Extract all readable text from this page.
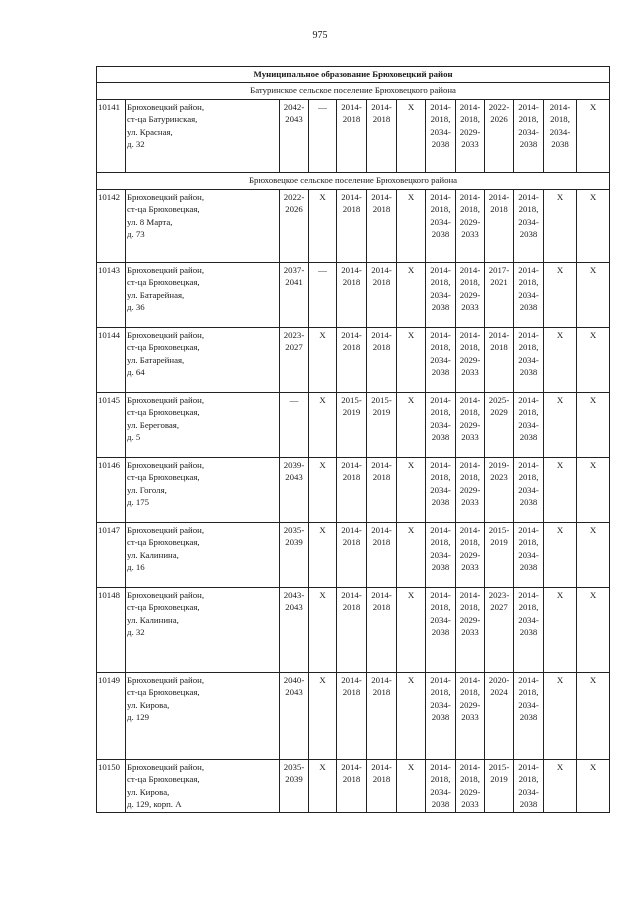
975
Муниципальное образование Брюховецкий район												
Батуринское сельское поселение Брюховецкого района												
10141	Брюховецкий район,
ст-ца Батуринская,
ул. Красная,
д. 32	2042-
2043	—	2014-
2018	2014-
2018	X	2014-
2018,
2034-
2038	2014-
2018,
2029-
2033	2022-
2026	2014-
2018,
2034-
2038	2014-
2018,
2034-
2038	X

Брюховецкое сельское поселение Брюховецкого района												
10142	Брюховецкий район,
ст-ца Брюховецкая,
ул. 8 Марта,
д. 73	2022-
2026	X	2014-
2018	2014-
2018	X	2014-
2018,
2034-
2038	2014-
2018,
2029-
2033	2014-
2018	2014-
2018,
2034-
2038	X	X

10143	Брюховецкий район,
ст-ца Брюховецкая,
ул. Батарейная,
д. 36	2037-
2041	—	2014-
2018	2014-
2018	X	2014-
2018,
2034-
2038	2014-
2018,
2029-
2033	2017-
2021	2014-
2018,
2034-
2038	X	X

10144	Брюховецкий район,
ст-ца Брюховецкая,
ул. Батарейная,
д. 64	2023-
2027	X	2014-
2018	2014-
2018	X	2014-
2018,
2034-
2038	2014-
2018,
2029-
2033	2014-
2018	2014-
2018,
2034-
2038	X	X

10145	Брюховецкий район,
ст-ца Брюховецкая,
ул. Береговая,
д. 5	—	X	2015-
2019	2015-
2019	X	2014-
2018,
2034-
2038	2014-
2018,
2029-
2033	2025-
2029	2014-
2018,
2034-
2038	X	X

10146	Брюховецкий район,
ст-ца Брюховецкая,
ул. Гоголя,
д. 175	2039-
2043	X	2014-
2018	2014-
2018	X	2014-
2018,
2034-
2038	2014-
2018,
2029-
2033	2019-
2023	2014-
2018,
2034-
2038	X	X

10147	Брюховецкий район,
ст-ца Брюховецкая,
ул. Калинина,
д. 16	2035-
2039	X	2014-
2018	2014-
2018	X	2014-
2018,
2034-
2038	2014-
2018,
2029-
2033	2015-
2019	2014-
2018,
2034-
2038	X	X

10148	Брюховецкий район,
ст-ца Брюховецкая,
ул. Калинина,
д. 32	2043-
2043	X	2014-
2018	2014-
2018	X	2014-
2018,
2034-
2038	2014-
2018,
2029-
2033	2023-
2027	2014-
2018,
2034-
2038	X	X

10149	Брюховецкий район,
ст-ца Брюховецкая,
ул. Кирова,
д. 129	2040-
2043	X	2014-
2018	2014-
2018	X	2014-
2018,
2034-
2038	2014-
2018,
2029-
2033	2020-
2024	2014-
2018,
2034-
2038	X	X

10150	Брюховецкий район,
ст-ца Брюховецкая,
ул. Кирова,
д. 129, корп. А	2035-
2039	X	2014-
2018	2014-
2018	X	2014-
2018,
2034-
2038	2014-
2018,
2029-
2033	2015-
2019	2014-
2018,
2034-
2038	X	X
